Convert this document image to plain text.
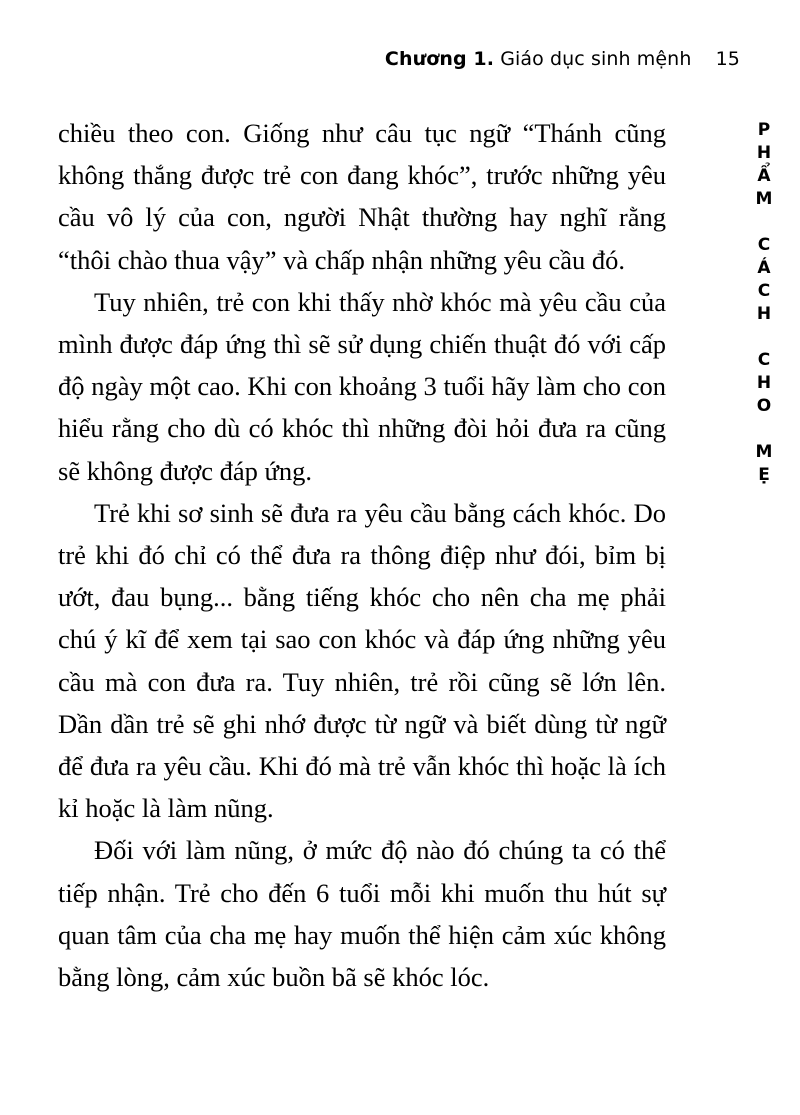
Chương 1. Giáo dục sinh mệnh 15
PHẨM CÁCH CHO MẸ

chiều theo con. Giống như câu tục ngữ “Thánh cũng không thắng được trẻ con đang khóc”, trước những yêu cầu vô lý của con, người Nhật thường hay nghĩ rằng “thôi chào thua vậy” và chấp nhận những yêu cầu đó.

Tuy nhiên, trẻ con khi thấy nhờ khóc mà yêu cầu của mình được đáp ứng thì sẽ sử dụng chiến thuật đó với cấp độ ngày một cao. Khi con khoảng 3 tuổi hãy làm cho con hiểu rằng cho dù có khóc thì những đòi hỏi đưa ra cũng sẽ không được đáp ứng.

Trẻ khi sơ sinh sẽ đưa ra yêu cầu bằng cách khóc. Do trẻ khi đó chỉ có thể đưa ra thông điệp như đói, bỉm bị ướt, đau bụng... bằng tiếng khóc cho nên cha mẹ phải chú ý kĩ để xem tại sao con khóc và đáp ứng những yêu cầu mà con đưa ra. Tuy nhiên, trẻ rồi cũng sẽ lớn lên. Dần dần trẻ sẽ ghi nhớ được từ ngữ và biết dùng từ ngữ để đưa ra yêu cầu. Khi đó mà trẻ vẫn khóc thì hoặc là ích kỉ hoặc là làm nũng.

Đối với làm nũng, ở mức độ nào đó chúng ta có thể tiếp nhận. Trẻ cho đến 6 tuổi mỗi khi muốn thu hút sự quan tâm của cha mẹ hay muốn thể hiện cảm xúc không bằng lòng, cảm xúc buồn bã sẽ khóc lóc.
